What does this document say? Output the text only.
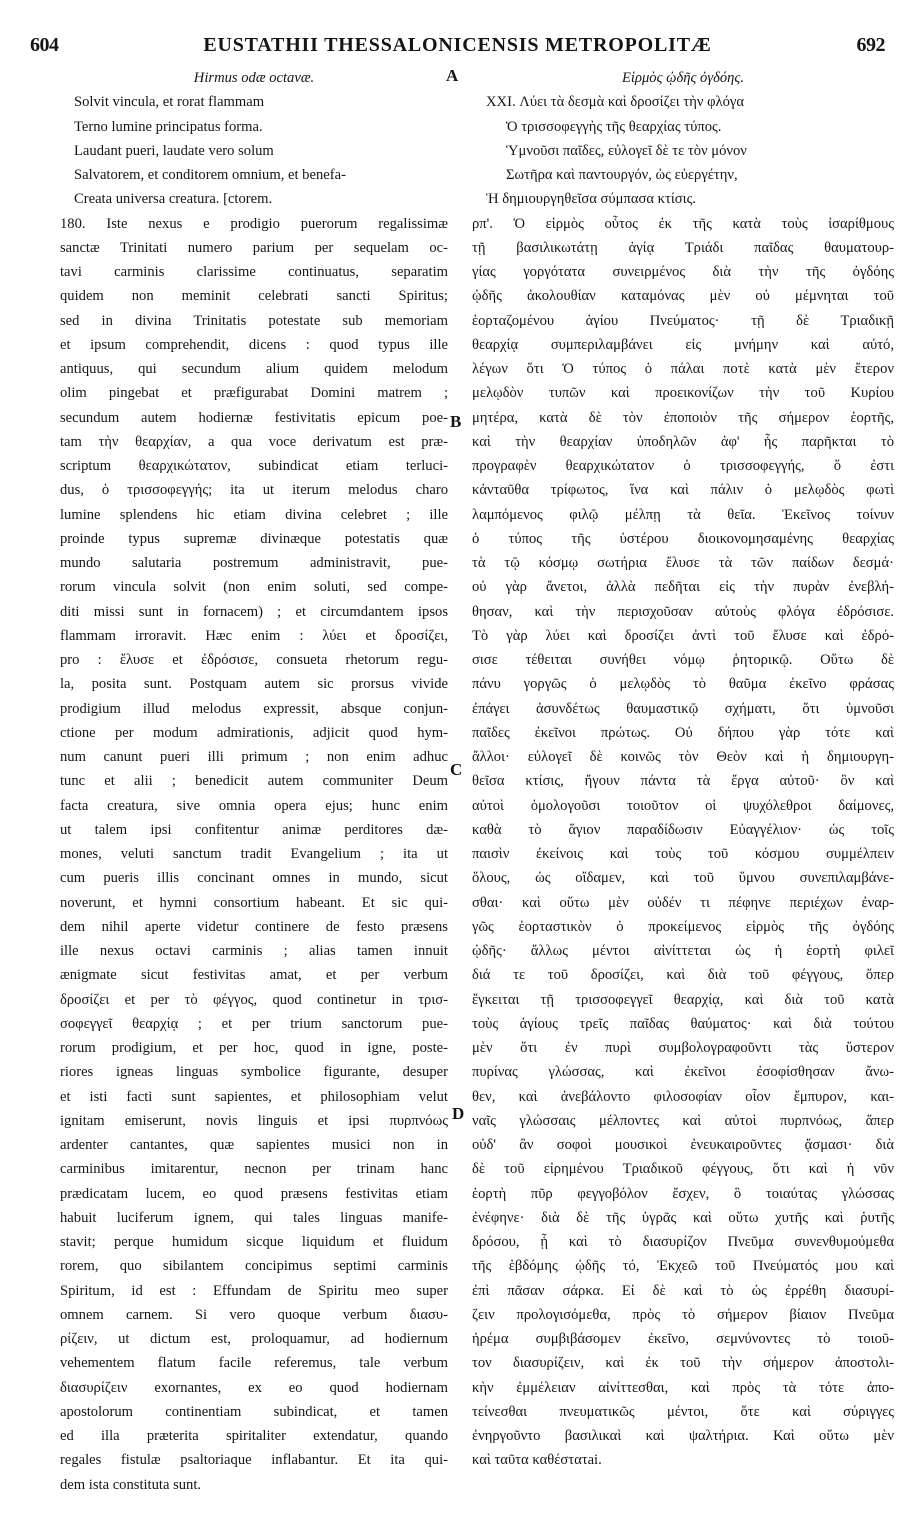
604	EUSTATHII THESSALONICENSIS METROPOLITÆ	692
A
B
C
D
Hirmus odæ octavæ.
Solvit vincula, et rorat flammam
Terno lumine principatus forma.
Laudant pueri, laudate vero solum
Salvatorem, et conditorem omnium, et benefa-
Creata universa creatura. [ctorem.
180. Iste nexus e prodigio puerorum regalissimæ
sanctæ Trinitati numero parium per sequelam oc-
tavi carminis clarissime continuatus, separatim
quidem non meminit celebrati sancti Spiritus;
sed in divina Trinitatis potestate sub memoriam
et ipsum comprehendit, dicens : quod typus ille
antiquus, qui secundum alium quidem melodum
olim pingebat et præfigurabat Domini matrem ;
secundum autem hodiernæ festivitatis epicum poe-
tam τὴν θεαρχίαν, a qua voce derivatum est præ-
scriptum θεαρχικώτατον, subindicat etiam terluci-
dus, ὁ τρισσοφεγγής; ita ut iterum melodus charo
lumine splendens hic etiam divina celebret ; ille
proinde typus supremæ divinæque potestatis quæ
mundo salutaria postremum administravit, pue-
rorum vincula solvit (non enim soluti, sed compe-
diti missi sunt in fornacem) ; et circumdantem ipsos
flammam irroravit. Hæc enim : λύει et δροσίζει,
pro : ἔλυσε et ἐδρόσισε, consueta rhetorum regu-
la, posita sunt. Postquam autem sic prorsus vivide
prodigium illud melodus expressit, absque conjun-
ctione per modum admirationis, adjicit quod hym-
num canunt pueri illi primum ; non enim adhuc
tunc et alii ; benedicit autem communiter Deum
facta creatura, sive omnia opera ejus; hunc enim
ut talem ipsi confitentur animæ perditores dæ-
mones, veluti sanctum tradit Evangelium ; ita ut
cum pueris illis concinant omnes in mundo, sicut
noverunt, et hymni consortium habeant. Et sic qui-
dem nihil aperte videtur continere de festo præsens
ille nexus octavi carminis ; alias tamen innuit
ænigmate sicut festivitas amat, et per verbum
δροσίζει et per τὸ φέγγος, quod continetur in τρισ-
σοφεγγεῖ θεαρχίᾳ ; et per trium sanctorum pue-
rorum prodigium, et per hoc, quod in igne, poste-
riores igneas linguas symbolice figurante, desuper
et isti facti sunt sapientes, et philosophiam velut
ignitam emiserunt, novis linguis et ipsi πυρπνόως
ardenter cantantes, quæ sapientes musici non in
carminibus imitarentur, necnon per trinam hanc
prædicatam lucem, eo quod præsens festivitas etiam
habuit luciferum ignem, qui tales linguas manife-
stavit; perque humidum sicque liquidum et fluidum
rorem, quo sibilantem concipimus septimi carminis
Spiritum, id est : Effundam de Spiritu meo super
omnem carnem. Si vero quoque verbum διασυ-
ρίζειν, ut dictum est, proloquamur, ad hodiernum
vehementem flatum facile referemus, tale verbum
διασυρίζειν exornantes, ex eo quod hodiernam
apostolorum continentiam subindicat, et tamen
ed illa præterita spiritaliter extendatur, quando
regales fistulæ psaltoriaque inflabantur. Et ita qui-
dem ista constituta sunt.
Εἱρμὸς ᾠδῆς ὀγδόης.
XXI. Λύει τὰ δεσμὰ καὶ δροσίζει τὴν φλόγα
Ὁ τρισσοφεγγὴς τῆς θεαρχίας τύπος.
Ὑμνοῦσι παῖδες, εὐλογεῖ δὲ τε τὸν μόνον
Σωτῆρα καὶ παντουργόν, ὡς εὐεργέτην,
Ἡ δημιουργηθεῖσα σύμπασα κτίσις.
ρπ'. Ὁ εἱρμὸς οὗτος ἐκ τῆς κατὰ τοὺς ἰσαρίθμους
τῇ βασιλικωτάτῃ ἁγίᾳ Τριάδι παῖδας θαυματουρ-
γίας γοργότατα συνειρμένος διὰ τὴν τῆς ὀγδόης
ᾠδῆς ἀκολουθίαν καταμόνας μὲν οὐ μέμνηται τοῦ
ἑορταζομένου ἁγίου Πνεύματος· τῇ δὲ Τριαδικῇ
θεαρχίᾳ συμπεριλαμβάνει εἰς μνήμην καὶ αὐτό,
λέγων ὅτι Ὁ τύπος ὁ πάλαι ποτὲ κατὰ μὲν ἕτερον
μελῳδὸν τυπῶν καὶ προεικονίζων τὴν τοῦ Κυρίου
μητέρα, κατὰ δὲ τὸν ἐποποιὸν τῆς σήμερον ἑορτῆς,
καὶ τὴν θεαρχίαν ὑποδηλῶν ἀφ' ἧς παρῆκται τὸ
προγραφὲν θεαρχικώτατον ὁ τρισσοφεγγής, ὅ ἐστι
κἀνταῦθα τρίφωτος, ἵνα καὶ πάλιν ὁ μελῳδὸς φωτὶ
λαμπόμενος φιλῷ μέλπῃ τὰ θεῖα. Ἐκεῖνος τοίνυν
ὁ τύπος τῆς ὑστέρου διοικονομησαμένης θεαρχίας
τὰ τῷ κόσμῳ σωτήρια ἔλυσε τὰ τῶν παίδων δεσμά·
οὐ γὰρ ἄνετοι, ἀλλὰ πεδῆται εἰς τὴν πυρὰν ἐνεβλή-
θησαν, καὶ τὴν περισχοῦσαν αὐτοὺς φλόγα ἐδρόσισε.
Τὸ γὰρ λύει καὶ δροσίζει ἀντὶ τοῦ ἔλυσε καὶ ἐδρό-
σισε τέθειται συνήθει νόμῳ ῥητορικῷ. Οὕτω δὲ
πάνυ γοργῶς ὁ μελῳδὸς τὸ θαῦμα ἐκεῖνο φράσας
ἐπάγει ἀσυνδέτως θαυμαστικῷ σχήματι, ὅτι ὑμνοῦσι
παῖδες ἐκεῖνοι πρώτως. Οὐ δήπου γὰρ τότε καὶ
ἄλλοι· εὐλογεῖ δὲ κοινῶς τὸν Θεὸν καὶ ἡ δημιουργη-
θεῖσα κτίσις, ἤγουν πάντα τὰ ἔργα αὐτοῦ· ὃν καὶ
αὐτοὶ ὁμολογοῦσι τοιοῦτον οἱ ψυχόλεθροι δαίμονες,
καθὰ τὸ ἅγιον παραδίδωσιν Εὐαγγέλιον· ὡς τοῖς
παισὶν ἐκείνοις καὶ τοὺς τοῦ κόσμου συμμέλπειν
ὅλους, ὡς οἴδαμεν, καὶ τοῦ ὕμνου συνεπιλαμβάνε-
σθαι· καὶ οὕτω μὲν οὐδέν τι πέφηνε περιέχων ἐναρ-
γῶς ἑορταστικὸν ὁ προκείμενος εἱρμὸς τῆς ὀγδόης
ᾠδῆς· ἄλλως μέντοι αἰνίττεται ὡς ἡ ἑορτὴ φιλεῖ
διά τε τοῦ δροσίζει, καὶ διὰ τοῦ φέγγους, ὅπερ
ἔγκειται τῇ τρισσοφεγγεῖ θεαρχίᾳ, καὶ διὰ τοῦ κατὰ
τοὺς ἁγίους τρεῖς παῖδας θαύματος· καὶ διὰ τούτου
μὲν ὅτι ἐν πυρὶ συμβολογραφοῦντι τὰς ὕστερον
πυρίνας γλώσσας, καὶ ἐκεῖνοι ἐσοφίσθησαν ἄνω-
θεν, καὶ ἀνεβάλοντο φιλοσοφίαν οἷον ἔμπυρον, και-
ναῖς γλώσσαις μέλποντες καὶ αὐτοὶ πυρπνόως, ἅπερ
οὐδ' ἂν σοφοὶ μουσικοὶ ἐνευκαιροῦντες ᾄσμασι· διὰ
δὲ τοῦ εἰρημένου Τριαδικοῦ φέγγους, ὅτι καὶ ἡ νῦν
ἑορτὴ πῦρ φεγγοβόλον ἔσχεν, ὃ τοιαύτας γλώσσας
ἐνέφηνε· διὰ δὲ τῆς ὑγρᾶς καὶ οὕτω χυτῆς καὶ ῥυτῆς
δρόσου, ᾗ καὶ τὸ διασυρίζον Πνεῦμα συνενθυμούμεθα
τῆς ἑβδόμης ᾠδῆς τό, Ἐκχεῶ τοῦ Πνεύματός μου καὶ
ἐπὶ πᾶσαν σάρκα. Εἰ δὲ καὶ τὸ ὡς ἐρρέθη διασυρί-
ζειν προλογισόμεθα, πρὸς τὸ σήμερον βίαιον Πνεῦμα
ἠρέμα συμβιβάσομεν ἐκεῖνο, σεμνύνοντες τὸ τοιοῦ-
τον διασυρίζειν, καὶ ἐκ τοῦ τὴν σήμερον ἀποστολι-
κὴν ἐμμέλειαν αἰνίττεσθαι, καὶ πρὸς τὰ τότε ἀπο-
τείνεσθαι πνευματικῶς μέντοι, ὅτε καὶ σύριγγες
ἐνηργοῦντο βασιλικαὶ καὶ ψαλτήρια. Καὶ οὕτω μὲν
καὶ ταῦτα καθέστατai.
